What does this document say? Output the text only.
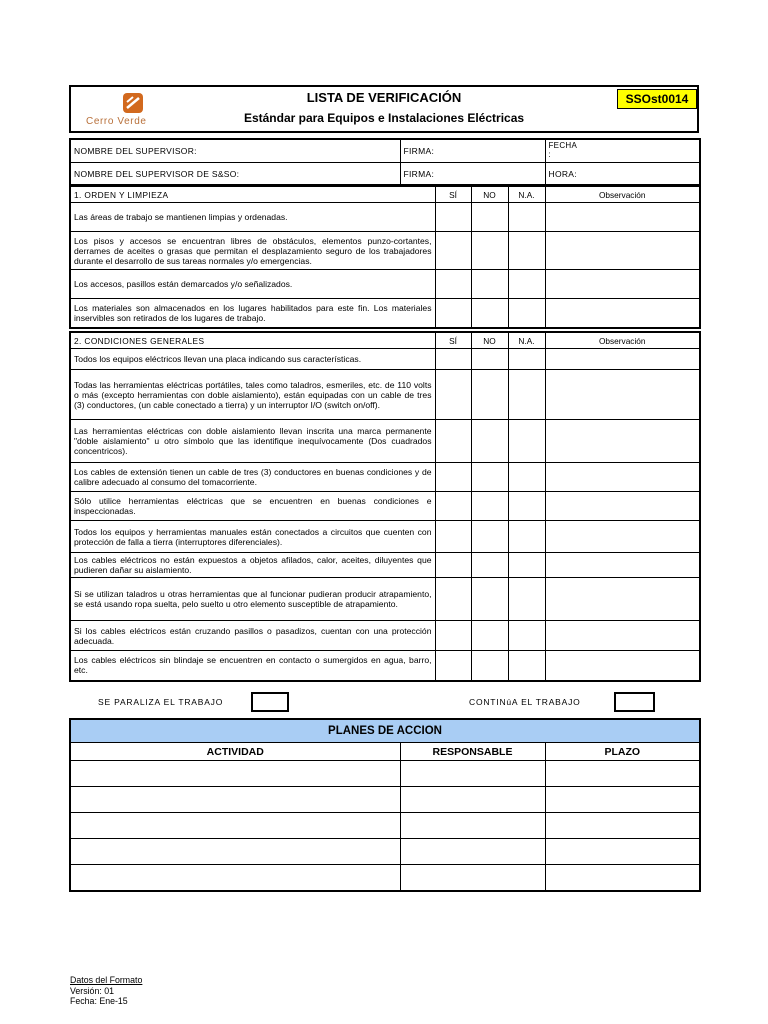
Cerro Verde
LISTA DE VERIFICACIÓN
Estándar para Equipos e Instalaciones Eléctricas
SSOst0014
NOMBRE DEL SUPERVISOR:	FIRMA:	FECHA
:

NOMBRE DEL SUPERVISOR DE S&SO:	FIRMA:	HORA:
1. ORDEN Y LIMPIEZA	SÍ	NO	N.A.	Observación
Las áreas de trabajo se mantienen limpias y ordenadas.				
Los pisos y accesos se encuentran libres de obstáculos, elementos punzo-cortantes, derrames de aceites o grasas que permitan el desplazamiento seguro de los trabajadores durante el desarrollo de sus tareas normales y/o emergencias.				
Los accesos, pasillos están demarcados y/o señalizados.				
Los materiales son almacenados en los lugares habilitados para este fin. Los materiales inservibles son retirados de los lugares de trabajo.				
2. CONDICIONES GENERALES	SÍ	NO	N.A.	Observación
Todos los equipos eléctricos llevan una placa indicando sus características.				
Todas las herramientas eléctricas portátiles, tales como taladros, esmeriles, etc. de 110 volts o más (excepto herramientas con doble aislamiento), están equipadas con un cable de tres (3) conductores, (un cable conectado a tierra) y un interruptor I/O (switch on/off).				
Las herramientas eléctricas con doble aislamiento llevan inscrita una marca permanente "doble aislamiento" u otro símbolo que las identifique inequívocamente (Dos cuadrados concentricos).				
Los cables de extensión tienen un cable de tres (3) conductores en buenas condiciones y de calibre adecuado al consumo del tomacorriente.				
Sólo utilice herramientas eléctricas que se encuentren en buenas condiciones e inspeccionadas.				
Todos los equipos y herramientas manuales están conectados a circuitos que cuenten con protección de falla a tierra (interruptores diferenciales).				
Los cables eléctricos no están expuestos a objetos afilados, calor, aceites, diluyentes que pudieren dañar su aislamiento.				
Si se utilizan taladros u otras herramientas que al funcionar pudieran producir atrapamiento, se está usando ropa suelta, pelo suelto u otro elemento susceptible de atrapamiento.				
Si los cables eléctricos están cruzando pasillos o pasadizos, cuentan con una protección adecuada.				
Los cables eléctricos sin blindaje se encuentren en contacto o sumergidos en agua, barro, etc.				
SE PARALIZA EL TRABAJO	CONTINúA EL TRABAJO
PLANES DE ACCION		
ACTIVIDAD	RESPONSABLE	PLAZO

Datos del Formato
Versión: 01
Fecha: Ene-15
